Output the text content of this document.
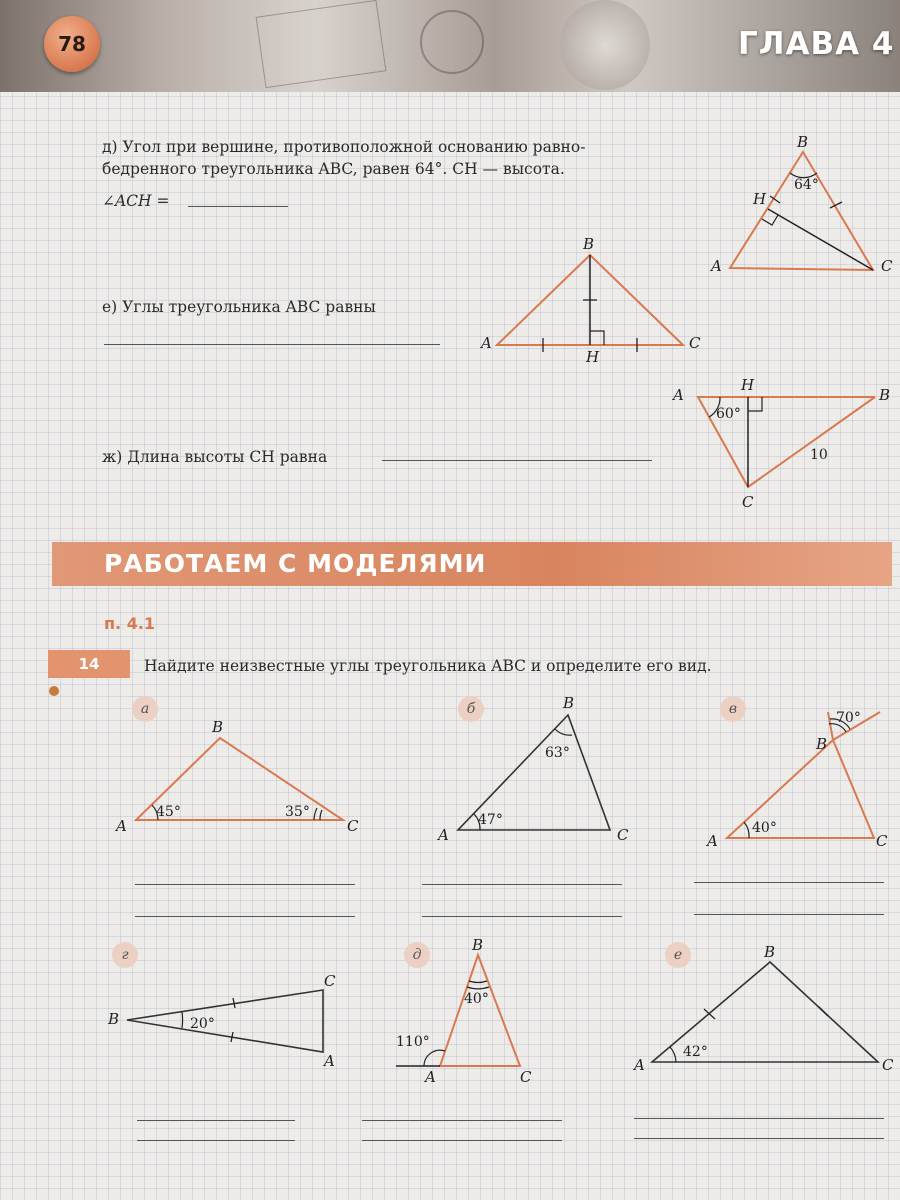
78	ГЛАВА 4
д) Угол при вершине, противоположной основанию равно-
бедренного треугольника ABC, равен 64°. CH — высота.
∠ACH =
B
H
A	C
64°
B
A	C
H
A
H
B
C
60°
10
е) Углы треугольника ABC равны
ж) Длина высоты CH равна
РАБОТАЕМ С МОДЕЛЯМИ
п. 4.1
14	Найдите неизвестные углы треугольника ABC и определите его вид.
а	б	в
г	д	е
B
A	C
45°	35°
B
A	C
47°
63°	B
A	C
40°
70°
B
C
A
20°
B
A	C
40°
110°
B
A	C
42°
